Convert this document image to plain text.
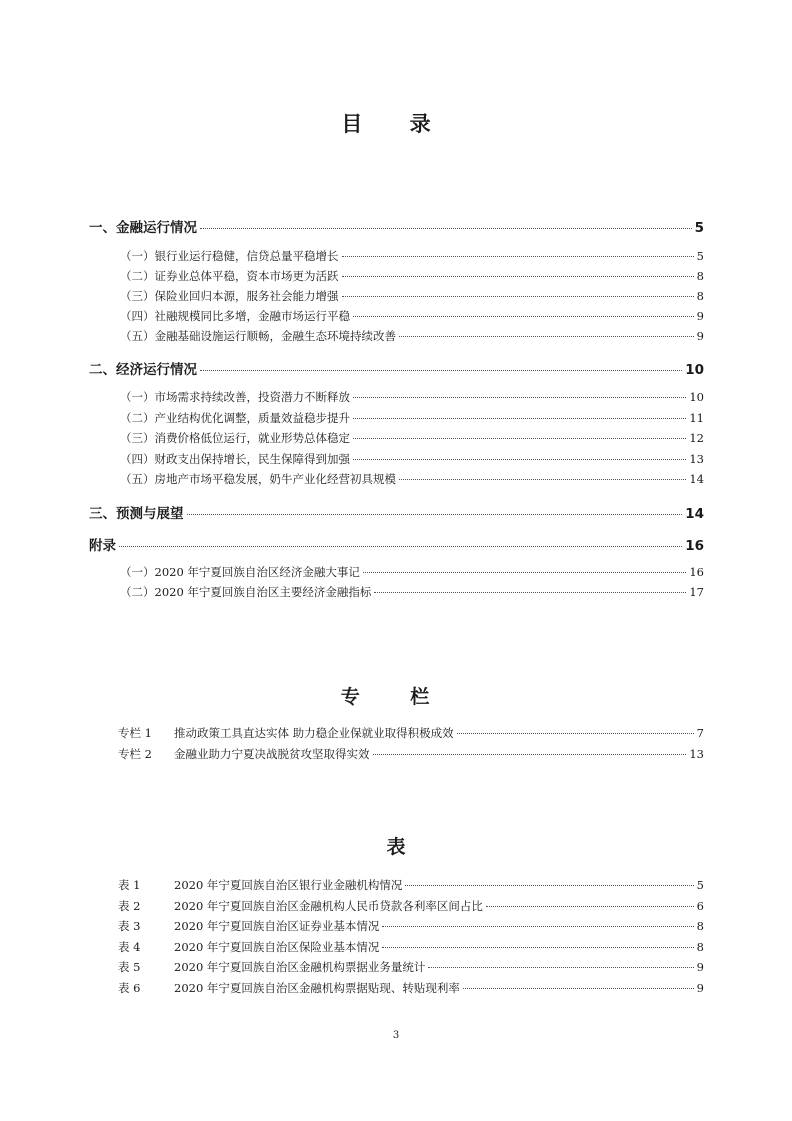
目 录
一、金融运行情况	5
（一）银行业运行稳健，信贷总量平稳增长	5
（二）证券业总体平稳，资本市场更为活跃	8
（三）保险业回归本源，服务社会能力增强	8
（四）社融规模同比多增，金融市场运行平稳	9
（五）金融基础设施运行顺畅，金融生态环境持续改善	9
二、经济运行情况	10
（一）市场需求持续改善，投资潜力不断释放	10
（二）产业结构优化调整，质量效益稳步提升	11
（三）消费价格低位运行，就业形势总体稳定	12
（四）财政支出保持增长，民生保障得到加强	13
（五）房地产市场平稳发展，奶牛产业化经营初具规模	14
三、预测与展望	14
附录	16
（一）2020 年宁夏回族自治区经济金融大事记	16
（二）2020 年宁夏回族自治区主要经济金融指标	17
专 栏
专栏 1	推动政策工具直达实体 助力稳企业保就业取得积极成效	7
专栏 2	金融业助力宁夏决战脱贫攻坚取得实效	13
表
表 1	2020 年宁夏回族自治区银行业金融机构情况	5
表 2	2020 年宁夏回族自治区金融机构人民币贷款各利率区间占比	6
表 3	2020 年宁夏回族自治区证券业基本情况	8
表 4	2020 年宁夏回族自治区保险业基本情况	8
表 5	2020 年宁夏回族自治区金融机构票据业务量统计	9
表 6	2020 年宁夏回族自治区金融机构票据贴现、转贴现利率	9
3
